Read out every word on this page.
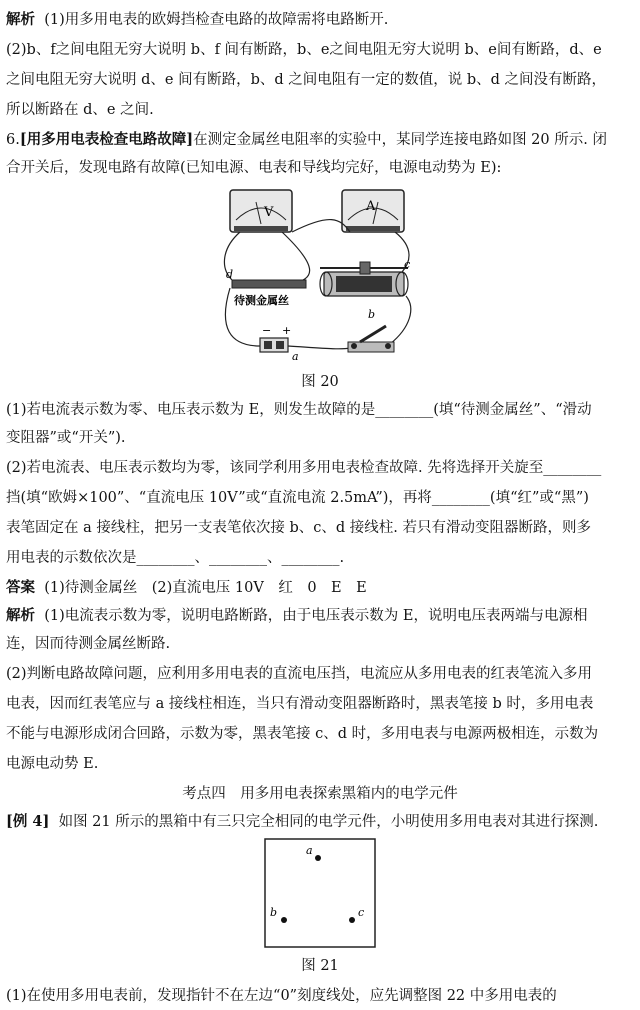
解析 (1)用多用电表的欧姆挡检查电路的故障需将电路断开.
(2)b、f之间电阻无穷大说明 b、f 间有断路，b、e之间电阻无穷大说明 b、e间有断路，d、e
之间电阻无穷大说明 d、e 间有断路，b、d 之间电阻有一定的数值，说 b、d 之间没有断路，
所以断路在 d、e 之间.
6.[用多用电表检查电路故障]在测定金属丝电阻率的实验中，某同学连接电路如图 20 所示. 闭
合开关后，发现电路有故障(已知电源、电表和导线均完好，电源电动势为 E):
V	A
d
待测金属丝
c
b
− +
a
图 20
(1)若电流表示数为零、电压表示数为 E，则发生故障的是________(填“待测金属丝”、“滑动
变阻器”或“开关”).
(2)若电流表、电压表示数均为零，该同学利用多用电表检查故障. 先将选择开关旋至________
挡(填“欧姆×100”、“直流电压 10V”或“直流电流 2.5mA”)，再将________(填“红”或“黑”)
表笔固定在 a 接线柱，把另一支表笔依次接 b、c、d 接线柱. 若只有滑动变阻器断路，则多
用电表的示数依次是________、________、________.
答案 (1)待测金属丝　(2)直流电压 10V　红　0　E　E
解析 (1)电流表示数为零，说明电路断路，由于电压表示数为 E，说明电压表两端与电源相
连，因而待测金属丝断路.
(2)判断电路故障问题，应利用多用电表的直流电压挡，电流应从多用电表的红表笔流入多用
电表，因而红表笔应与 a 接线柱相连，当只有滑动变阻器断路时，黑表笔接 b 时，多用电表
不能与电源形成闭合回路，示数为零，黑表笔接 c、d 时，多用电表与电源两极相连，示数为
电源电动势 E.
考点四　用多用电表探索黑箱内的电学元件
[例 4] 如图 21 所示的黑箱中有三只完全相同的电学元件，小明使用多用电表对其进行探测.
a
b	c
图 21
(1)在使用多用电表前，发现指针不在左边“0”刻度线处，应先调整图 22 中多用电表的
